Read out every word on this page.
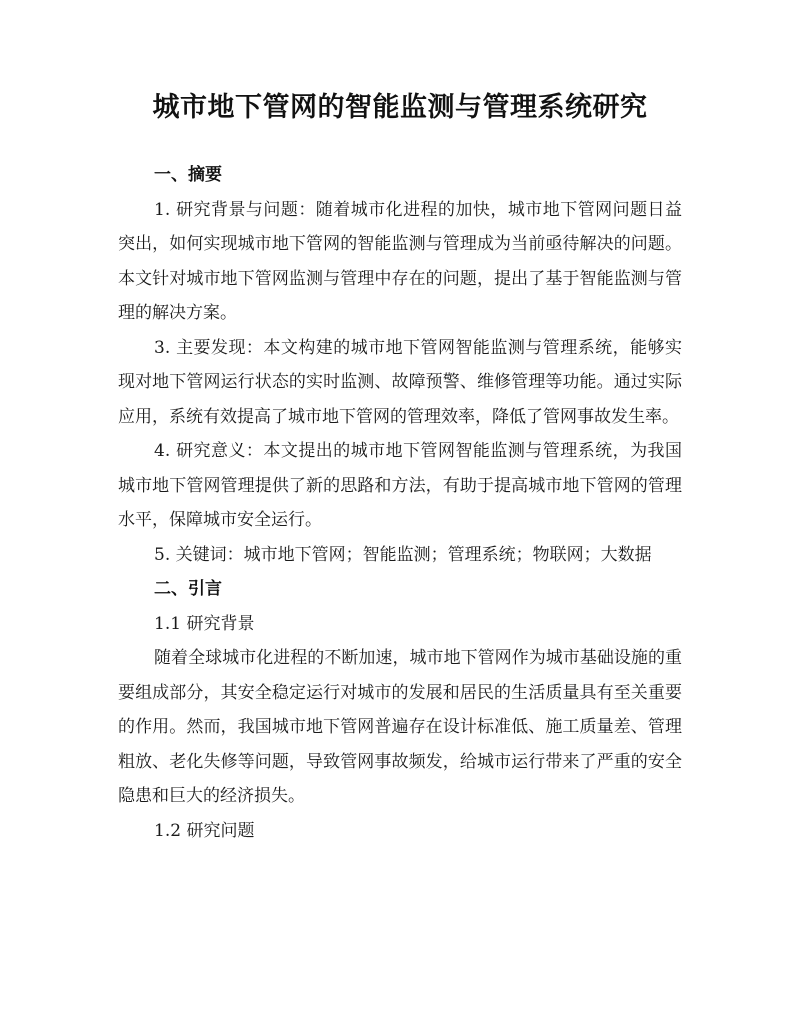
城市地下管网的智能监测与管理系统研究
一、摘要

1. 研究背景与问题：随着城市化进程的加快，城市地下管网问题日益突出，如何实现城市地下管网的智能监测与管理成为当前亟待解决的问题。本文针对城市地下管网监测与管理中存在的问题，提出了基于智能监测与管理的解决方案。

3. 主要发现：本文构建的城市地下管网智能监测与管理系统，能够实现对地下管网运行状态的实时监测、故障预警、维修管理等功能。通过实际应用，系统有效提高了城市地下管网的管理效率，降低了管网事故发生率。

4. 研究意义：本文提出的城市地下管网智能监测与管理系统，为我国城市地下管网管理提供了新的思路和方法，有助于提高城市地下管网的管理水平，保障城市安全运行。

5. 关键词：城市地下管网；智能监测；管理系统；物联网；大数据

二、引言
1.1 研究背景

随着全球城市化进程的不断加速，城市地下管网作为城市基础设施的重要组成部分，其安全稳定运行对城市的发展和居民的生活质量具有至关重要的作用。然而，我国城市地下管网普遍存在设计标准低、施工质量差、管理粗放、老化失修等问题，导致管网事故频发，给城市运行带来了严重的安全隐患和巨大的经济损失。

1.2 研究问题
